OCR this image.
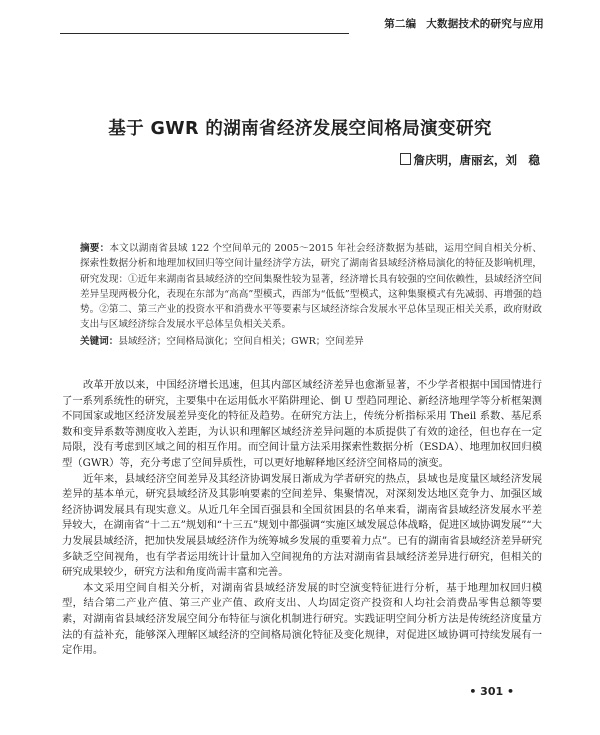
第二编 大数据技术的研究与应用
基于 GWR 的湖南省经济发展空间格局演变研究
詹庆明，唐丽玄，刘　稳

摘要：本文以湖南省县域 122 个空间单元的 2005～2015 年社会经济数据为基础，运用空间自相关分析、探索性数据分析和地理加权回归等空间计量经济学方法，研究了湖南省县域经济格局演化的特征及影响机理，研究发现：①近年来湖南省县域经济的空间集聚性较为显著，经济增长具有较强的空间依赖性，县域经济空间差异呈现两极分化，表现在东部为“高高”型模式，西部为“低低”型模式，这种集聚模式有先减弱、再增强的趋势。②第二、第三产业的投资水平和消费水平等要素与区域经济综合发展水平总体呈现正相关关系，政府财政支出与区域经济综合发展水平总体呈负相关关系。

关键词：县域经济；空间格局演化；空间自相关；GWR；空间差异

改革开放以来，中国经济增长迅速，但其内部区域经济差异也愈渐显著，不少学者根据中国国情进行了一系列系统性的研究，主要集中在运用低水平陷阱理论、倒 U 型趋同理论、新经济地理学等分析框架测不同国家或地区经济发展差异变化的特征及趋势。在研究方法上，传统分析指标采用 Theil 系数、基尼系数和变异系数等测度收入差距，为认识和理解区域经济差异问题的本质提供了有效的途径，但也存在一定局限，没有考虑到区域之间的相互作用。而空间计量方法采用探索性数据分析（ESDA）、地理加权回归模型（GWR）等，充分考虑了空间异质性，可以更好地解释地区经济空间格局的演变。

近年来，县域经济空间差异及其经济协调发展日渐成为学者研究的热点，县域也是度量区域经济发展差异的基本单元，研究县域经济及其影响要素的空间差异、集聚情况，对深刻发达地区竞争力、加强区域经济协调发展具有现实意义。从近几年全国百强县和全国贫困县的名单来看，湖南省县域经济发展水平差异较大，在湖南省“十二五”规划和“十三五”规划中都强调“实施区域发展总体战略，促进区域协调发展”“大力发展县域经济，把加快发展县域经济作为统筹城乡发展的重要着力点”。已有的湖南省县域经济差异研究多缺乏空间视角，也有学者运用统计计量加入空间视角的方法对湖南省县域经济差异进行研究，但相关的研究成果较少，研究方法和角度尚需丰富和完善。

本文采用空间自相关分析，对湖南省县域经济发展的时空演变特征进行分析，基于地理加权回归模型，结合第二产业产值、第三产业产值、政府支出、人均固定资产投资和人均社会消费品零售总额等要素，对湖南省县域经济发展空间分布特征与演化机制进行研究。实践证明空间分析方法是传统经济度量方法的有益补充，能够深入理解区域经济的空间格局演化特征及变化规律，对促进区域协调可持续发展有一定作用。

• 301 •
